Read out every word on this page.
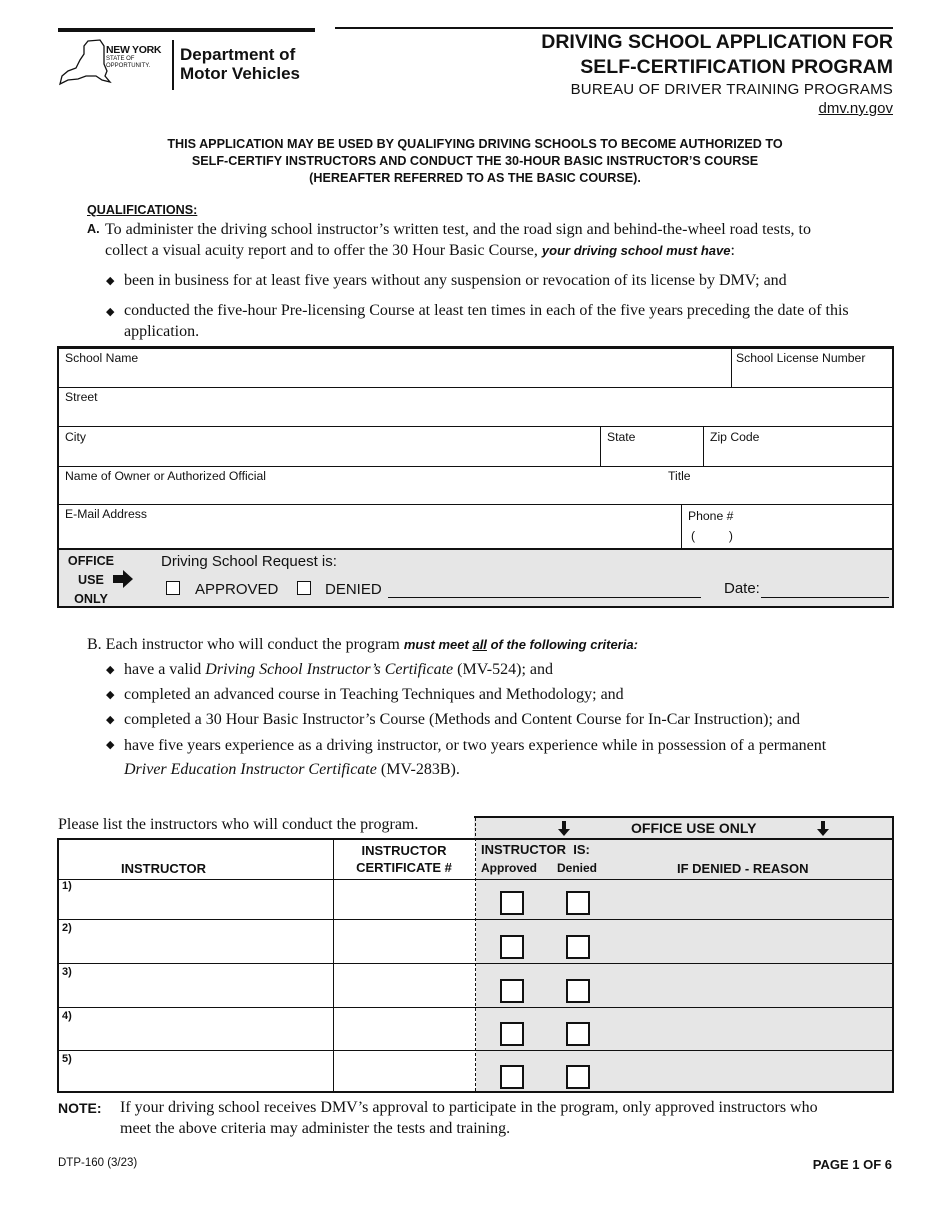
NEW YORK
STATE OF
OPPORTUNITY.
Department of
Motor Vehicles
DRIVING SCHOOL APPLICATION FOR
SELF-CERTIFICATION PROGRAM
BUREAU OF DRIVER TRAINING PROGRAMS
dmv.ny.gov
THIS APPLICATION MAY BE USED BY QUALIFYING DRIVING SCHOOLS TO BECOME AUTHORIZED TO
SELF-CERTIFY INSTRUCTORS AND CONDUCT THE 30-HOUR BASIC INSTRUCTOR’S COURSE
(HEREAFTER REFERRED TO AS THE BASIC COURSE).
QUALIFICATIONS:
A. To administer the driving school instructor’s written test, and the road sign and behind-the-wheel road tests, to
collect a visual acuity report and to offer the 30 Hour Basic Course, your driving school must have:
◆ been in business for at least five years without any suspension or revocation of its license by DMV; and
◆ conducted the five-hour Pre-licensing Course at least ten times in each of the five years preceding the date of this
application.
School Name	School License Number
Street
City	State	Zip Code
Name of Owner or Authorized Official	Title
E-Mail Address	Phone #
(          )
OFFICE
USE
ONLY
Driving School Request is:
APPROVED	DENIED	Date:
B. Each instructor who will conduct the program must meet all of the following criteria:
◆ have a valid Driving School Instructor’s Certificate (MV-524); and
◆ completed an advanced course in Teaching Techniques and Methodology; and
◆ completed a 30 Hour Basic Instructor’s Course (Methods and Content Course for In-Car Instruction); and
◆ have five years experience as a driving instructor, or two years experience while in possession of a permanent
Driver Education Instructor Certificate (MV-283B).
Please list the instructors who will conduct the program.	OFFICE USE ONLY
INSTRUCTOR
INSTRUCTOR
CERTIFICATE #
INSTRUCTOR  IS:
Approved Denied	IF DENIED - REASON
1)
2)
3)
4)
5)
NOTE: If your driving school receives DMV’s approval to participate in the program, only approved instructors who
meet the above criteria may administer the tests and training.
DTP-160 (3/23)	PAGE 1 OF 6
